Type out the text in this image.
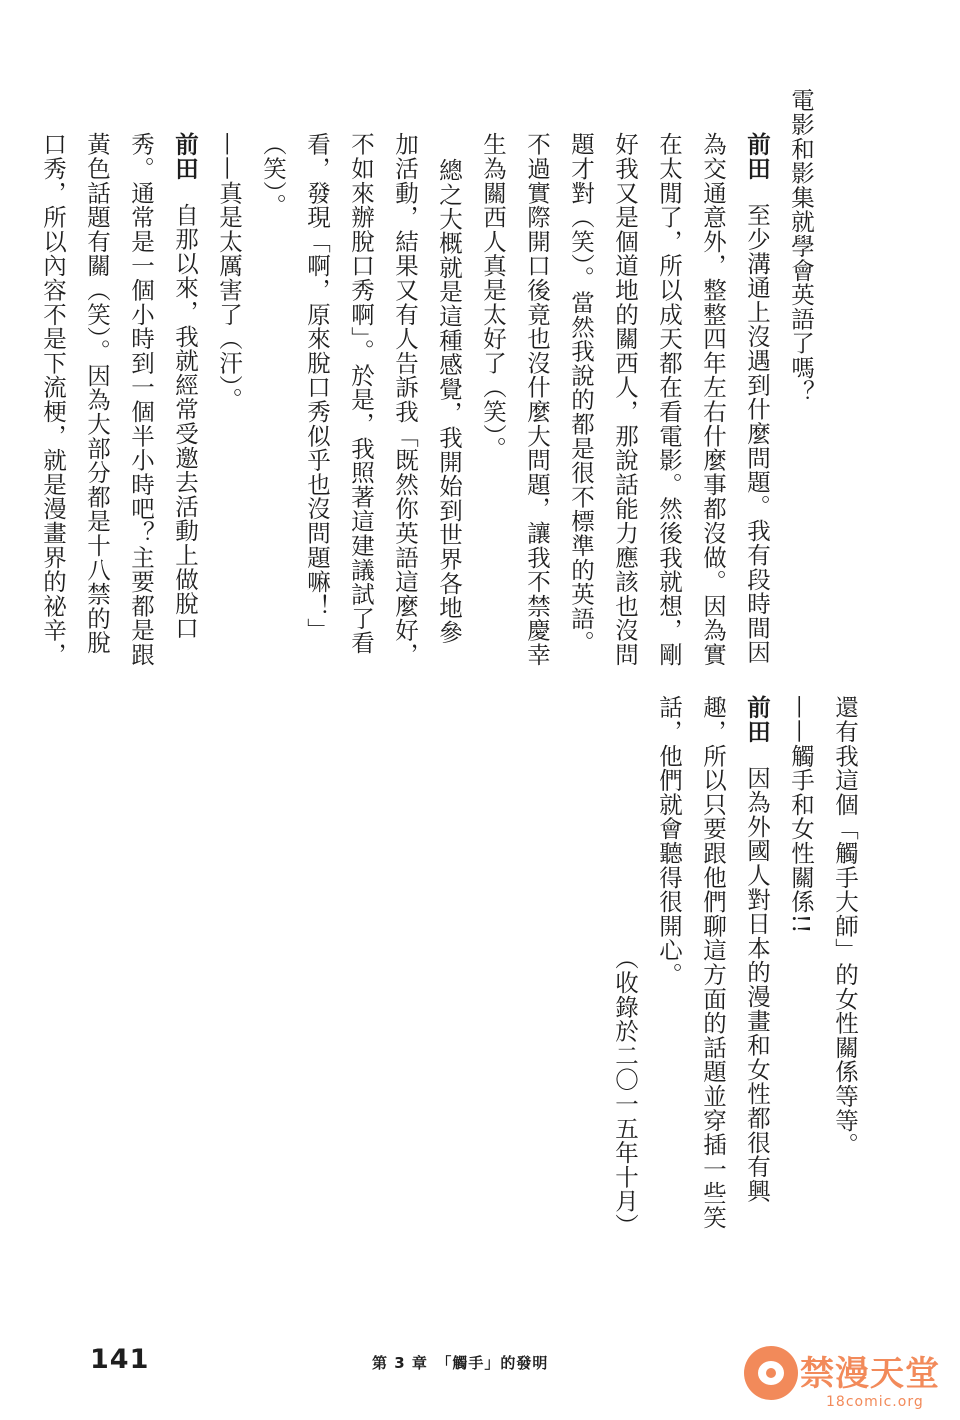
電影和影集就學會英語了嗎？
前田至少溝通上沒遇到什麼問題。我有段時間因
為交通意外，整整四年左右什麼事都沒做。因為實
在太閒了，所以成天都在看電影。然後我就想，剛
好我又是個道地的關西人，那說話能力應該也沒問
題才對（笑）。當然我說的都是很不標準的英語。
不過實際開口後竟也沒什麼大問題，讓我不禁慶幸
生為關西人真是太好了（笑）。
總之大概就是這種感覺，我開始到世界各地參
加活動，結果又有人告訴我「既然你英語這麼好，
不如來辦脫口秀啊」。於是，我照著這建議試了看
看，發現「啊，原來脫口秀似乎也沒問題嘛！」
（笑）。
——真是太厲害了（汗）。
前田自那以來，我就經常受邀去活動上做脫口
秀。通常是一個小時到一個半小時吧？主要都是跟
黃色話題有關（笑）。因為大部分都是十八禁的脫
口秀，所以內容不是下流梗，就是漫畫界的祕辛，
還有我這個「觸手大師」的女性關係等等。
——觸手和女性關係!!
前田因為外國人對日本的漫畫和女性都很有興
趣，所以只要跟他們聊這方面的話題並穿插一些笑
話，他們就會聽得很開心。
（收錄於二〇一五年十月）
141	第 3 章　「觸手」的發明	禁漫天堂
18comic.org
